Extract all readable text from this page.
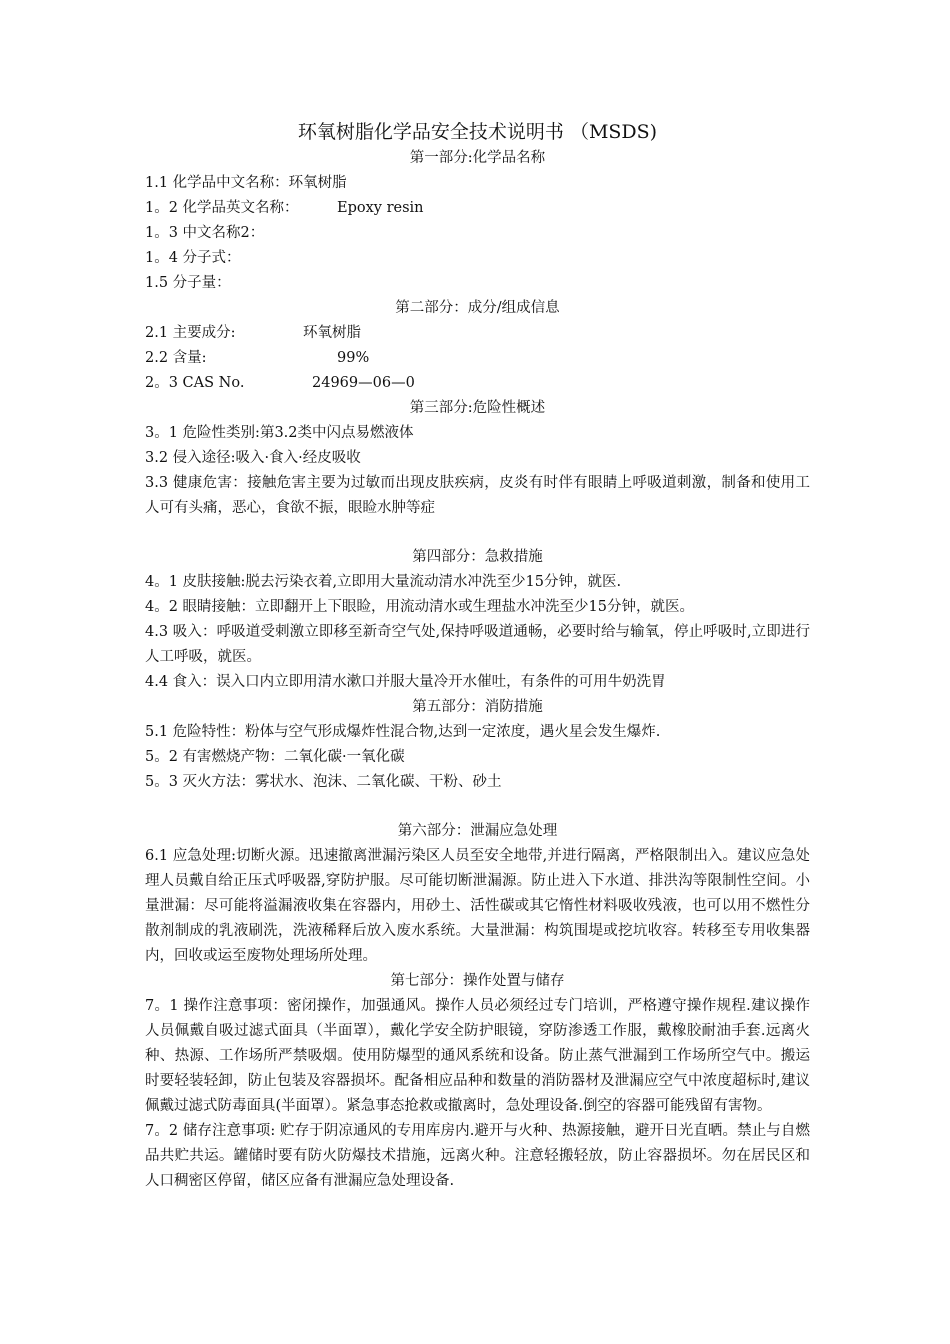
环氧树脂化学品安全技术说明书 （MSDS)
第一部分:化学品名称
1.1 化学品中文名称：环氧树脂
1。2 化学品英文名称：	Epoxy resin
1。3 中文名称2：
1。4 分子式：
1.5 分子量：
第二部分：成分/组成信息
2.1 主要成分:	环氧树脂
2.2 含量:	99%
2。3 CAS No.	24969—06—0
第三部分:危险性概述

3。1 危险性类别:第3.2类中闪点易燃液体

3.2 侵入途径:吸入·食入·经皮吸收

3.3 健康危害：接触危害主要为过敏而出现皮肤疾病，皮炎有时伴有眼睛上呼吸道刺激，制备和使用工人可有头痛，恶心，食欲不振，眼睑水肿等症

第四部分：急救措施

4。1 皮肤接触:脱去污染衣着,立即用大量流动清水冲洗至少15分钟，就医.

4。2 眼睛接触：立即翻开上下眼睑，用流动清水或生理盐水冲洗至少15分钟，就医。

4.3 吸入：呼吸道受刺激立即移至新奇空气处,保持呼吸道通畅，必要时给与输氧，停止呼吸时,立即进行人工呼吸，就医。

4.4 食入：误入口内立即用清水漱口并服大量冷开水催吐，有条件的可用牛奶洗胃

第五部分：消防措施

5.1 危险特性：粉体与空气形成爆炸性混合物,达到一定浓度，遇火星会发生爆炸.

5。2 有害燃烧产物：二氧化碳·一氧化碳

5。3 灭火方法：雾状水、泡沫、二氧化碳、干粉、砂土

第六部分：泄漏应急处理

6.1 应急处理:切断火源。迅速撤离泄漏污染区人员至安全地带,并进行隔离，严格限制出入。建议应急处理人员戴自给正压式呼吸器,穿防护服。尽可能切断泄漏源。防止进入下水道、排洪沟等限制性空间。小量泄漏：尽可能将溢漏液收集在容器内，用砂土、活性碳或其它惰性材料吸收残液，也可以用不燃性分散剂制成的乳液刷洗，洗液稀释后放入废水系统。大量泄漏：构筑围堤或挖坑收容。转移至专用收集器内，回收或运至废物处理场所处理。

第七部分：操作处置与储存

7。1 操作注意事项：密闭操作，加强通风。操作人员必须经过专门培训，严格遵守操作规程.建议操作人员佩戴自吸过滤式面具（半面罩），戴化学安全防护眼镜，穿防渗透工作服，戴橡胶耐油手套.远离火种、热源、工作场所严禁吸烟。使用防爆型的通风系统和设备。防止蒸气泄漏到工作场所空气中。搬运时要轻装轻卸，防止包装及容器损坏。配备相应品种和数量的消防器材及泄漏应空气中浓度超标时,建议佩戴过滤式防毒面具(半面罩）。紧急事态抢救或撤离时，急处理设备.倒空的容器可能残留有害物。

7。2 储存注意事项: 贮存于阴凉通风的专用库房内.避开与火种、热源接触，避开日光直晒。禁止与自燃品共贮共运。罐储时要有防火防爆技术措施，远离火种。注意轻搬轻放，防止容器损坏。勿在居民区和人口稠密区停留，储区应备有泄漏应急处理设备.
